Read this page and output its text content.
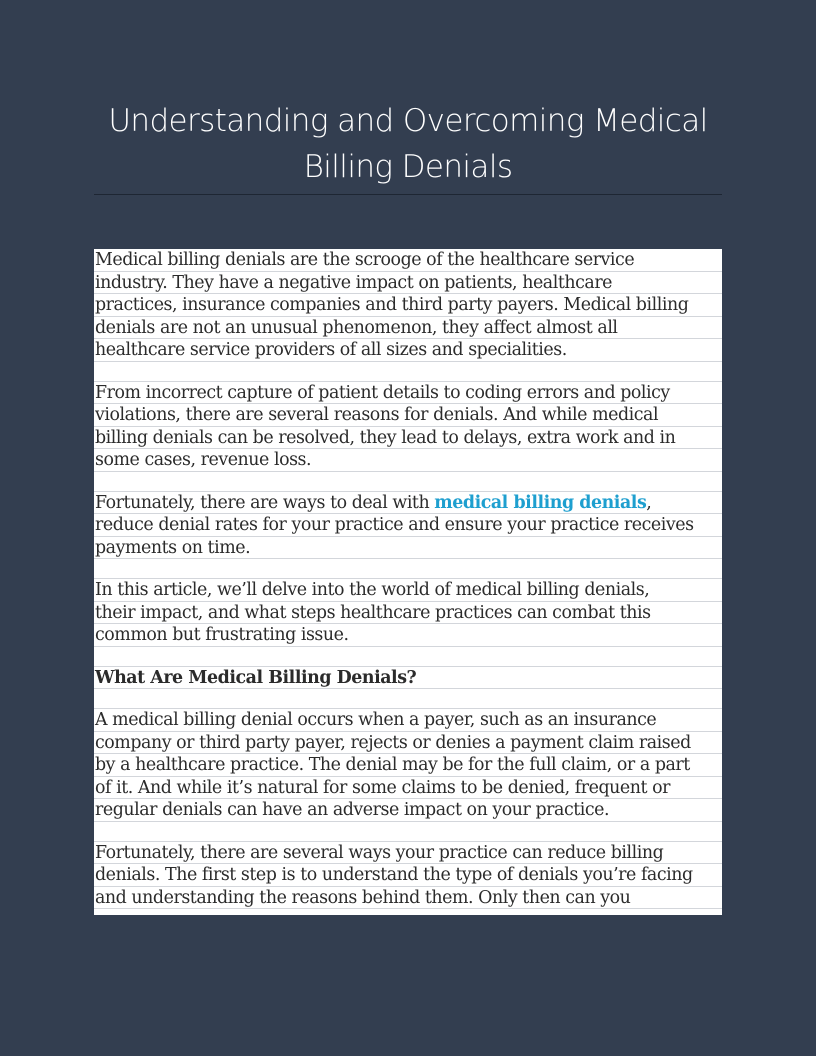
Understanding and Overcoming Medical
Billing Denials
Medical billing denials are the scrooge of the healthcare service
industry. They have a negative impact on patients, healthcare
practices, insurance companies and third party payers. Medical billing
denials are not an unusual phenomenon, they affect almost all
healthcare service providers of all sizes and specialities.
From incorrect capture of patient details to coding errors and policy
violations, there are several reasons for denials. And while medical
billing denials can be resolved, they lead to delays, extra work and in
some cases, revenue loss.
Fortunately, there are ways to deal with medical billing denials,
reduce denial rates for your practice and ensure your practice receives
payments on time.
In this article, we’ll delve into the world of medical billing denials,
their impact, and what steps healthcare practices can combat this
common but frustrating issue.
What Are Medical Billing Denials?
A medical billing denial occurs when a payer, such as an insurance
company or third party payer, rejects or denies a payment claim raised
by a healthcare practice. The denial may be for the full claim, or a part
of it. And while it’s natural for some claims to be denied, frequent or
regular denials can have an adverse impact on your practice.
Fortunately, there are several ways your practice can reduce billing
denials. The first step is to understand the type of denials you’re facing
and understanding the reasons behind them. Only then can you
